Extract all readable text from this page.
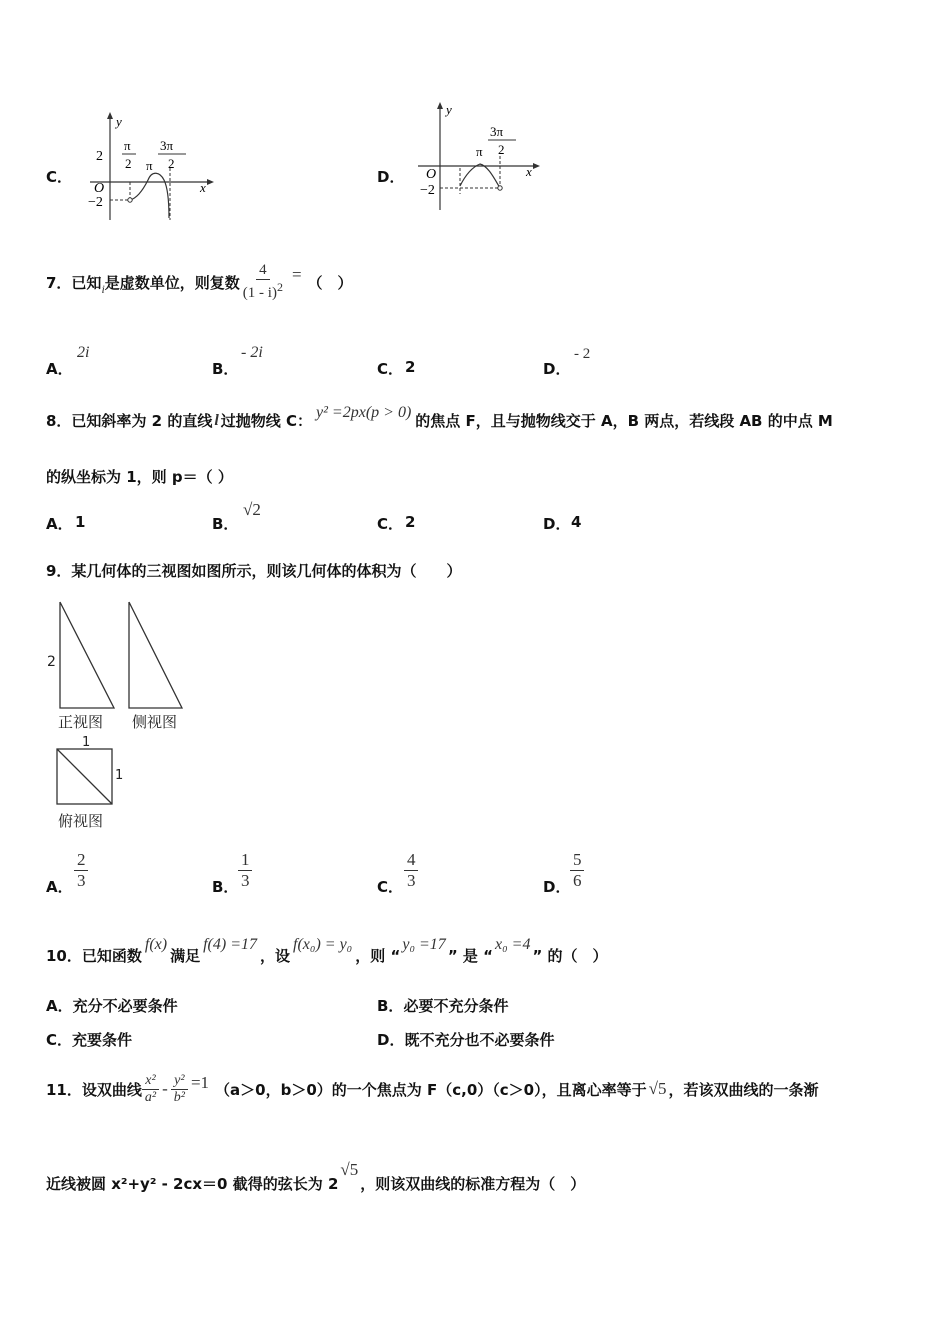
C．
y
x
O
2
−2
π
2 π
3π
2
D．
y
x
O
−2
π
3π
2
7．已知 i 是虚数单位，则复数 $\frac{4}{(1 - i)^2}$ = （　）
A．
2i
B．
- 2i
C． 2	D．
- 2
8．已知斜率为 2 的直线 l 过抛物线 C： y² =2px(p > 0) 的焦点 F，且与抛物线交于 A，B 两点，若线段 AB 的中点 M
的纵坐标为 1，则 p＝（ ）
A． 1	B．
√2
C． 2	D． 4
9．某几何体的三视图如图所示，则该几何体的体积为（　　）
2
正视图 侧视图
1
1
俯视图
A．
2
3	B．
1
3	C．
4
3	D．
5
6
10．已知函数
f(x)
满足
f(4) =17
，设
f(x₀) = y₀
，则 “
y₀ =17
” 是 “
x₀ =4
” 的（　）
A．充分不必要条件	B．必要不充分条件
C．充要条件	D．既不充分也不必要条件
11．设双曲线 $\frac{\text{x²}}{\text{a²}} - \frac{\text{y²}}{\text{b²}} =1$ （a＞0，b＞0）的一个焦点为 F（c,0）（c＞0），且离心率等于 √5 ，若该双曲线的一条渐
近线被圆 x²+y² - 2cx＝0 截得的弦长为 2
√5
，则该双曲线的标准方程为（　）
